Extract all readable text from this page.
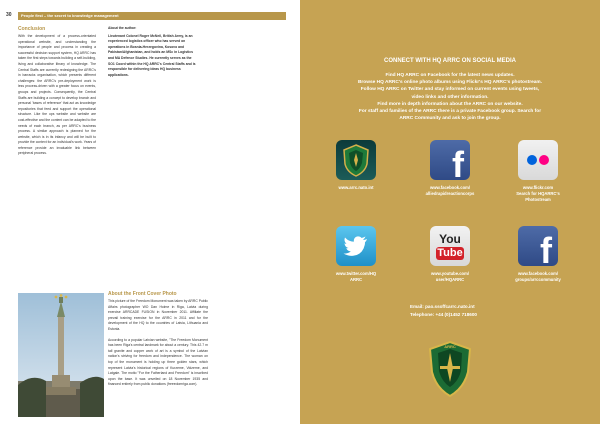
30 People first – the secret to knowledge management
Conclusion
With the development of a process-orientated operational website, and understanding the importance of people and process in creating a successful decision support system, HQ ARRC has taken the first steps towards building a self-building, living and collaborative library of knowledge. The Central Staffs are currently redesigning the ARRC's in barracks organisation, which presents different challenges: the ARRC's pre-deployment work is less process-driven with a greater focus on events, groups and projects. Consequently, the Central Staffs are building a concept to develop branch and personal 'bases of reference' that act as knowledge repositories that feed and support the operational structure. Like the ops website and website are cost-effective and the content can be adapted to the needs of each branch, as per ARRC's business process. A similar approach is planned for the website, which is in its infancy and will be built to provide the context for an individual's work. Years of reference provide an invaluable link between peripheral process.
About the author:
Lieutenant Colonel Roger McNeil, British Army, is an experienced logistics officer who has served on operations in Bosnia-Herzegovina, Kosovo and Pakistan/Afghanistan, and holds an MSc in Logistics and MA Defence Studies. He currently serves as the SO1 Coord within the HQ ARRC's Central Staffs and is responsible for delivering ideas HQ business applications.
About the Front Cover Photo
This picture of the Freedom Monument was taken by ARRC Public Affairs photographer WO Dan Holme in Riga, Latvia during exercise ARRCADE FUSION in November 2011. Affiliate the prevail training exercise for the ARRC in 2011 and for the development of the HQ to the countries of Latvia, Lithuania and Estonia.
According to a popular Latvian website, "The Freedom Monument has been Riga's central landmark for about a century. This 42.7 m tall granite and copper work of art is a symbol of the Latvian nation's striving for freedom and independence. The woman on top of the monument is holding up three golden stars, which represent Latvia's historical regions of Kurzeme, Vidzeme, and Latgale. The motto "For the Fatherland and Freedom" is inscribed upon the base. It was unveiled on 18 November 1935 and financed entirely from public donations (freeedomriga.com).
CONNECT WITH HQ ARRC ON SOCIAL MEDIA
Find HQ ARRC on Facebook for the latest news updates.
Browse HQ ARRC's online photo albums using Flickr's HQ ARRC's photostream.
Follow HQ ARRC on Twitter and stay informed on current events using tweets,
video links and other information.
Find more in depth information about the ARRC on our website.
For staff and families of the ARRC there is a private Facebook group. Search for
ARRC Community and ask to join the group.
www.arrc.nato.int
f
www.facebook.com/
alliedrapidreactioncorps
www.flickr.com
Search for HQARRC's
Photostream
www.twitter.com/HQ
ARRC
You
Tube
www.youtube.com/
user/HQARRC
f
www.facebook.com/
groups/arrccommunity
Email: pao.ssoffcarrc.nato.int
Telephone: +44 (0)1452 718600
ARRC
